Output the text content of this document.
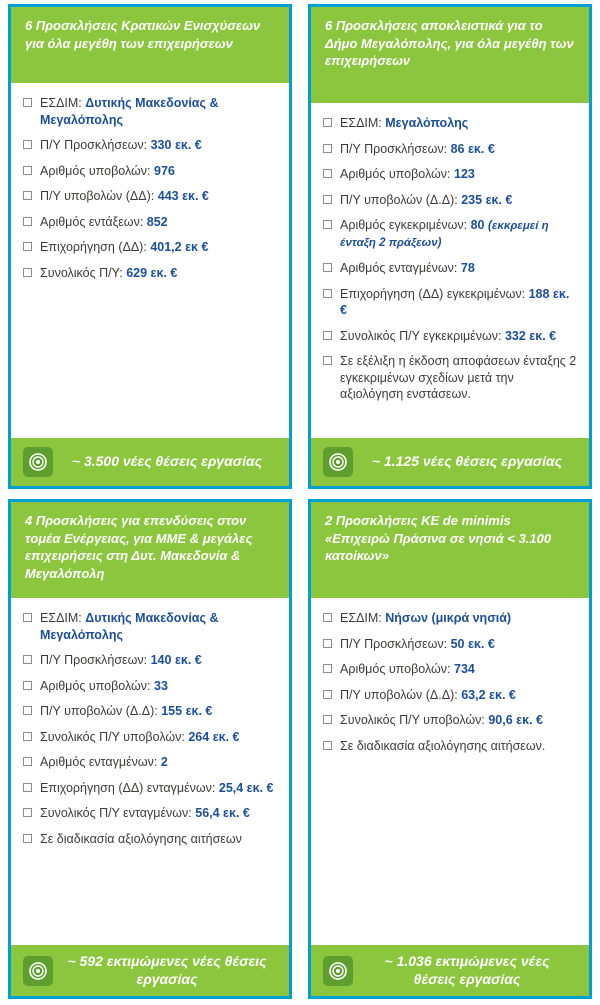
6 Προσκλήσεις Κρατικών Ενισχύσεων για όλα μεγέθη των επιχειρήσεων
ΕΣΔΙΜ: Δυτικής Μακεδονίας & Μεγαλόπολης
Π/Υ Προσκλήσεων: 330 εκ. €
Αριθμός υποβολών: 976
Π/Υ υποβολών (ΔΔ): 443 εκ. €
Αριθμός εντάξεων: 852
Επιχορήγηση (ΔΔ): 401,2 εκ €
Συνολικός Π/Υ: 629 εκ. €
~ 3.500 νέες θέσεις εργασίας
6 Προσκλήσεις αποκλειστικά για το Δήμο Μεγαλόπολης, για όλα μεγέθη των επιχειρήσεων
ΕΣΔΙΜ: Μεγαλόπολης
Π/Υ Προσκλήσεων: 86 εκ. €
Αριθμός υποβολών: 123
Π/Υ υποβολών (Δ.Δ): 235 εκ. €
Αριθμός εγκεκριμένων: 80 (εκκρεμεί η ένταξη 2 πράξεων)
Αριθμός ενταγμένων: 78
Επιχορήγηση (ΔΔ) εγκεκριμένων: 188 εκ. €
Συνολικός Π/Υ εγκεκριμένων: 332 εκ. €
Σε εξέλιξη η έκδοση αποφάσεων ένταξης 2 εγκεκριμένων σχεδίων μετά την αξιολόγηση ενστάσεων.
~ 1.125 νέες θέσεις εργασίας
4 Προσκλήσεις για επενδύσεις στον τομέα Ενέργειας, για ΜΜΕ & μεγάλες επιχειρήσεις στη Δυτ. Μακεδονία & Μεγαλόπολη
ΕΣΔΙΜ: Δυτικής Μακεδονίας & Μεγαλόπολης
Π/Υ Προσκλήσεων: 140 εκ. €
Αριθμός υποβολών: 33
Π/Υ υποβολών (Δ.Δ): 155 εκ. €
Συνολικός Π/Υ υποβολών: 264 εκ. €
Αριθμός ενταγμένων: 2
Επιχορήγηση (ΔΔ) ενταγμένων: 25,4 εκ. €
Συνολικός Π/Υ ενταγμένων: 56,4 εκ. €
Σε διαδικασία αξιολόγησης αιτήσεων
~ 592 εκτιμώμενες νέες θέσεις εργασίας
2 Προσκλήσεις ΚΕ de minimis «Επιχειρώ Πράσινα σε νησιά < 3.100 κατοίκων»
ΕΣΔΙΜ: Νήσων (μικρά νησιά)
Π/Υ Προσκλήσεων: 50 εκ. €
Αριθμός υποβολών: 734
Π/Υ υποβολών (Δ.Δ): 63,2 εκ. €
Συνολικός Π/Υ υποβολών: 90,6 εκ. €
Σε διαδικασία αξιολόγησης αιτήσεων.
~ 1.036 εκτιμώμενες νέες θέσεις εργασίας
